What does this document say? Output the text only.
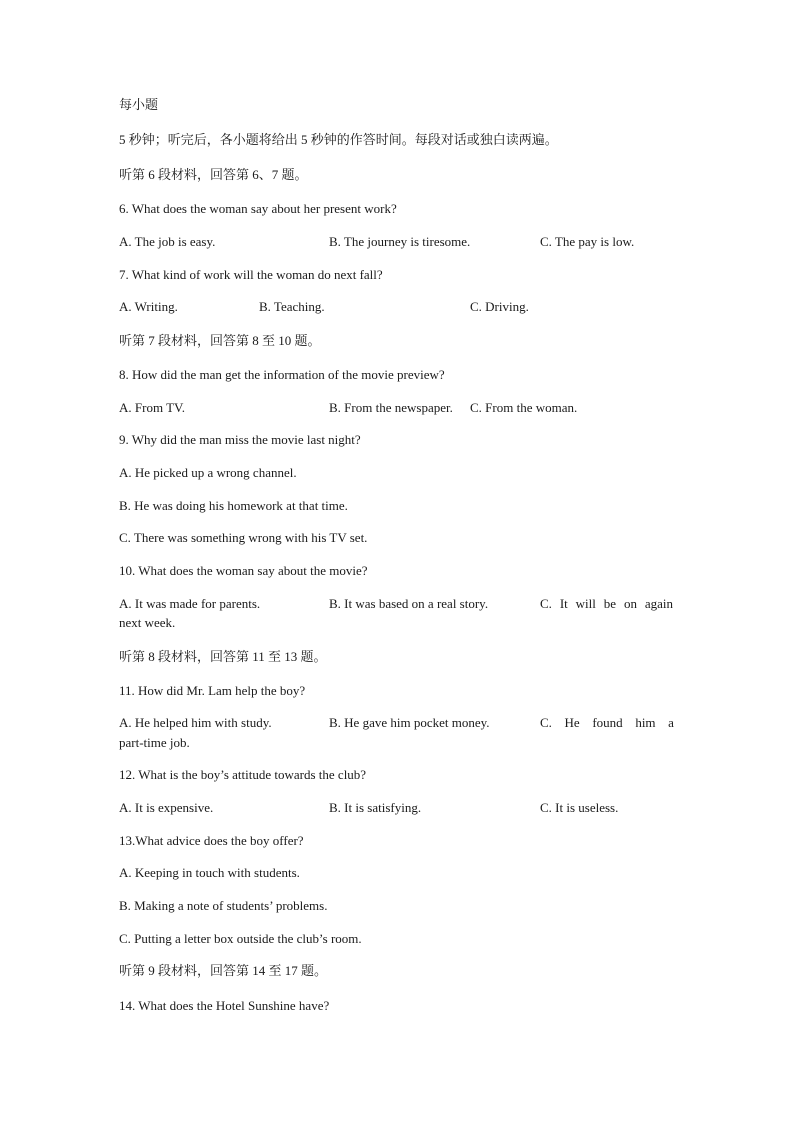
每小题
5 秒钟；听完后，各小题将给出 5 秒钟的作答时间。每段对话或独白读两遍。
听第 6 段材料，回答第 6、7 题。
6. What does the woman say about her present work?
A. The job is easy.	B. The journey is tiresome.	C. The pay is low.
7. What kind of work will the woman do next fall?
A. Writing.	B. Teaching.	C. Driving.
听第 7 段材料，回答第 8 至 10 题。
8. How did the man get the information of the movie preview?
A. From TV.	B. From the newspaper. C. From the woman.
9. Why did the man miss the movie last night?
A. He picked up a wrong channel.
B. He was doing his homework at that time.
C. There was something wrong with his TV set.
10. What does the woman say about the movie?
A. It was made for parents.	B. It was based on a real story.	C. It will be on again
next week.
听第 8 段材料，回答第 11 至 13 题。
11. How did Mr. Lam help the boy?
A. He helped him with study.	B. He gave him pocket money.	C. He found him a
part-time job.
12. What is the boy’s attitude towards the club?
A. It is expensive.	B. It is satisfying.	C. It is useless.
13.What advice does the boy offer?
A. Keeping in touch with students.
B. Making a note of students’ problems.
C. Putting a letter box outside the club’s room.
听第 9 段材料，回答第 14 至 17 题。
14. What does the Hotel Sunshine have?
